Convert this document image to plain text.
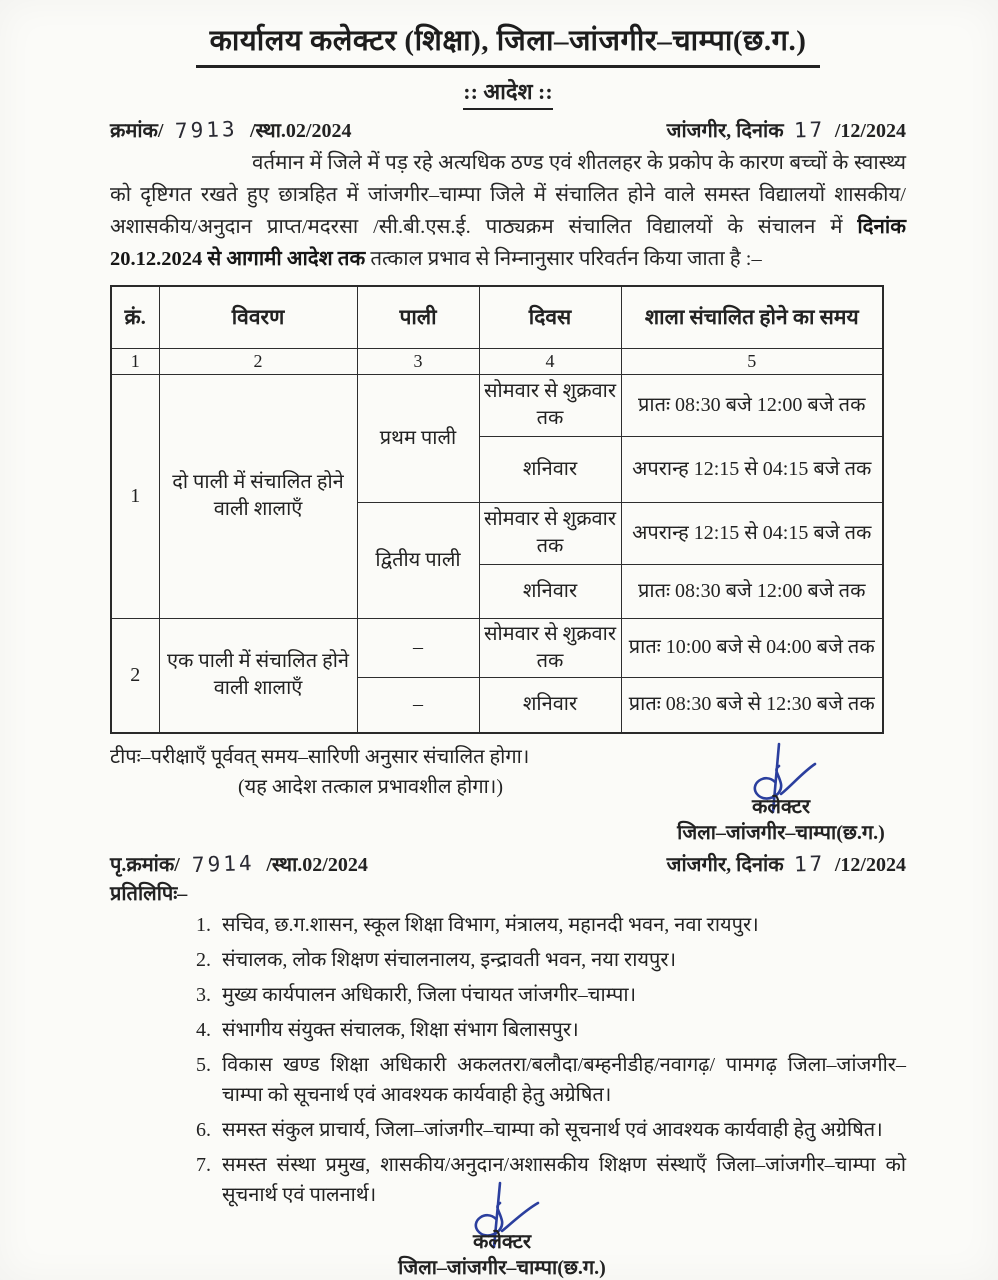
कार्यालय कलेक्टर (शिक्षा), जिला–जांजगीर–चाम्पा(छ.ग.)
:: आदेश ::
क्रमांक/ 7913 /स्था.02/2024	जांजगीर, दिनांक 17 /12/2024

वर्तमान में जिले में पड़ रहे अत्यधिक ठण्ड एवं शीतलहर के प्रकोप के कारण बच्चों के स्वास्थ्य को दृष्टिगत रखते हुए छात्रहित में जांजगीर–चाम्पा जिले में संचालित होने वाले समस्त विद्यालयों शासकीय/अशासकीय/अनुदान प्राप्त/मदरसा /सी.बी.एस.ई. पाठ्यक्रम संचालित विद्यालयों के संचालन में दिनांक 20.12.2024 से आगामी आदेश तक तत्काल प्रभाव से निम्नानुसार परिवर्तन किया जाता है :–

क्रं.	विवरण	पाली	दिवस	शाला संचालित होने का समय
1	2	3	4	5
1	दो पाली में संचालित होने वाली शालाएँ	प्रथम पाली	सोमवार से शुक्रवार तक	प्रातः 08:30 बजे 12:00 बजे तक
			शनिवार	अपरान्ह 12:15 से 04:15 बजे तक
		द्वितीय पाली	सोमवार से शुक्रवार तक	अपरान्ह 12:15 से 04:15 बजे तक
			शनिवार	प्रातः 08:30 बजे 12:00 बजे तक
2	एक पाली में संचालित होने वाली शालाएँ	–	सोमवार से शुक्रवार तक	प्रातः 10:00 बजे से 04:00 बजे तक
		–	शनिवार	प्रातः 08:30 बजे से 12:30 बजे तक
टीपः–परीक्षाएँ पूर्ववत् समय–सारिणी अनुसार संचालित होगा।
(यह आदेश तत्काल प्रभावशील होगा।)
कलेक्टर
जिला–जांजगीर–चाम्पा(छ.ग.)
पृ.क्रमांक/ 7914 /स्था.02/2024	जांजगीर, दिनांक 17 /12/2024
प्रतिलिपिः–
1. सचिव, छ.ग.शासन, स्कूल शिक्षा विभाग, मंत्रालय, महानदी भवन, नवा रायपुर।
2. संचालक, लोक शिक्षण संचालनालय, इन्द्रावती भवन, नया रायपुर।
3. मुख्य कार्यपालन अधिकारी, जिला पंचायत जांजगीर–चाम्पा।
4. संभागीय संयुक्त संचालक, शिक्षा संभाग बिलासपुर।
5. विकास खण्ड शिक्षा अधिकारी अकलतरा/बलौदा/बम्हनीडीह/नवागढ़/ पामगढ़ जिला–जांजगीर–चाम्पा को सूचनार्थ एवं आवश्यक कार्यवाही हेतु अग्रेषित।
6. समस्त संकुल प्राचार्य, जिला–जांजगीर–चाम्पा को सूचनार्थ एवं आवश्यक कार्यवाही हेतु अग्रेषित।
7. समस्त संस्था प्रमुख, शासकीय/अनुदान/अशासकीय शिक्षण संस्थाएँ जिला–जांजगीर–चाम्पा को सूचनार्थ एवं पालनार्थ।
कलेक्टर
जिला–जांजगीर–चाम्पा(छ.ग.)
